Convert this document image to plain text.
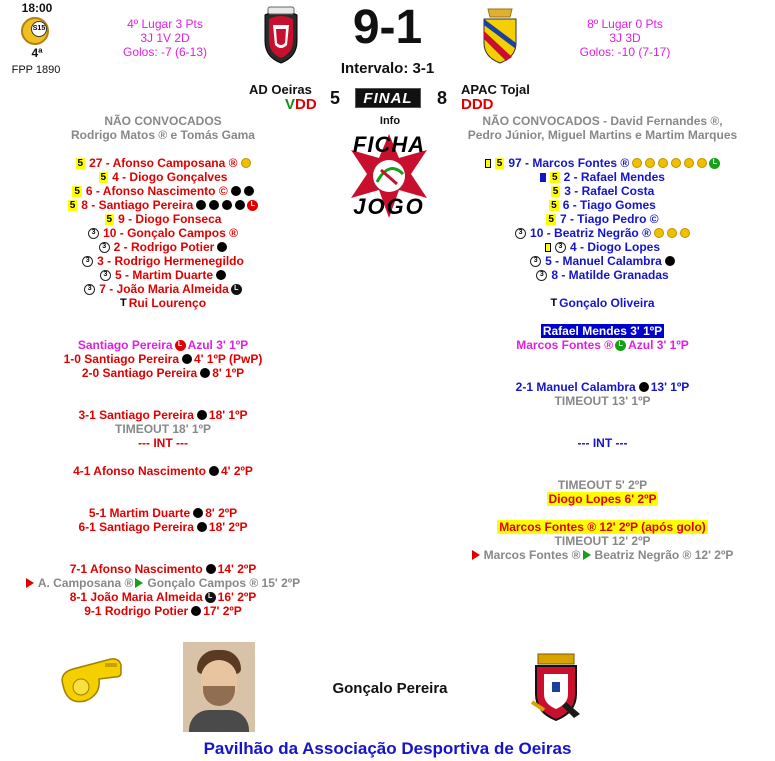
18:00
S15
4ª
FPP 1890
4º Lugar 3 Pts
3J 1V 2D
Golos: -7 (6-13)	9-1
Intervalo: 3-1
AD Oeiras
VDD 5	FINAL	8 APAC Tojal
DDD
8º Lugar 0 Pts
3J 3D
Golos: -10 (7-17)
Info
FICHA
JOGO
NÃO CONVOCADOS
Rodrigo Matos ® e Tomás Gama
5 27 - Afonso Camposana ®
5 4 - Diogo Gonçalves
5 6 - Afonso Nascimento ©
5 8 - Santiago Pereira	L
5 9 - Diogo Fonseca
3 10 - Gonçalo Campos ®
3 2 - Rodrigo Potier
3 3 - Rodrigo Hermenegildo
3 5 - Martim Duarte
3 7 - João Maria Almeida L
T Rui Lourenço
NÃO CONVOCADOS - David Fernandes ®,
Pedro Júnior, Miguel Martins e Martim Marques
5 97 - Marcos Fontes ®	L
5 2 - Rafael Mendes
5 3 - Rafael Costa
5 6 - Tiago Gomes
5 7 - Tiago Pedro ©
3 10 - Beatriz Negrão ®
3 4 - Diogo Lopes
3 5 - Manuel Calambra
3 8 - Matilde Granadas
T Gonçalo Oliveira
Santiago Pereira L Azul 3' 1ºP
1-0 Santiago Pereira 4' 1ºP (PwP)
2-0 Santiago Pereira 8' 1ºP
3-1 Santiago Pereira 18' 1ºP
TIMEOUT 18' 1ºP
--- INT ---
4-1 Afonso Nascimento 4' 2ºP
5-1 Martim Duarte 8' 2ºP
6-1 Santiago Pereira 18' 2ºP
7-1 Afonso Nascimento 14' 2ºP
A. Camposana ® Gonçalo Campos ® 15' 2ºP
8-1 João Maria Almeida L 16' 2ºP
9-1 Rodrigo Potier 17' 2ºP
Rafael Mendes 3' 1ºP
Marcos Fontes ® L Azul 3' 1ºP
2-1 Manuel Calambra 13' 1ºP
TIMEOUT 13' 1ºP
--- INT ---
TIMEOUT 5' 2ºP
Diogo Lopes 6' 2ºP
Marcos Fontes ® 12' 2ºP (após golo)
TIMEOUT 12' 2ºP
Marcos Fontes ® Beatriz Negrão ® 12' 2ºP
Gonçalo Pereira
Pavilhão da Associação Desportiva de Oeiras
